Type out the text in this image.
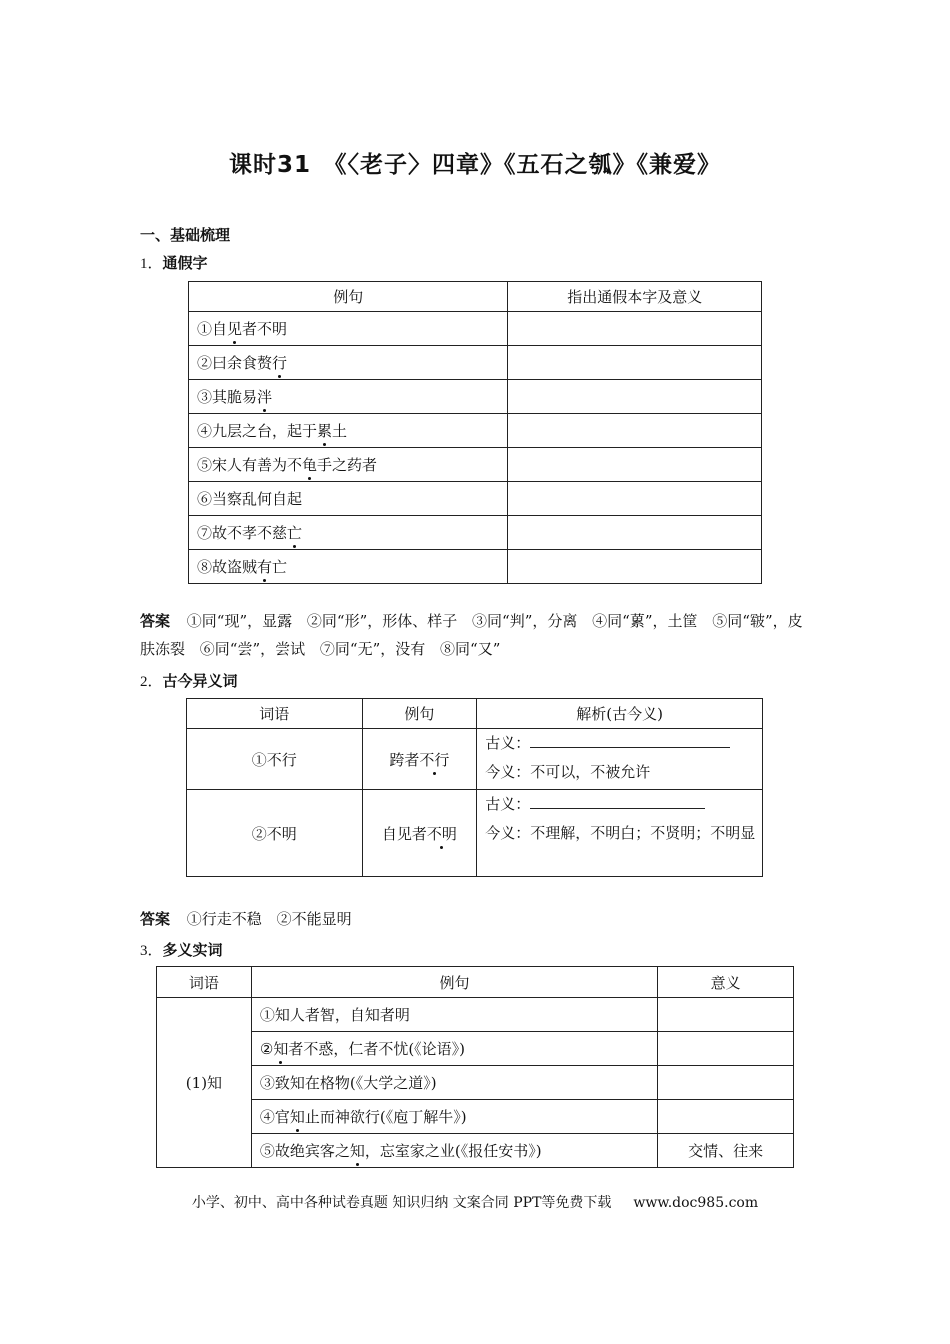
课时31　《〈老子〉四章》《五石之瓠》《兼爱》
一、基础梳理
1．通假字
例句	指出通假本字及意义
①自见者不明	
②曰余食赘行	
③其脆易泮	
④九层之台，起于累土	
⑤宋人有善为不龟手之药者	
⑥当察乱何自起	
⑦故不孝不慈亡	
⑧故盗贼有亡	
答案 ①同“现”，显露 ②同“形”，形体、样子 ③同“判”，分离 ④同“蔂”，土筐 ⑤同“皲”，皮肤冻裂 ⑥同“尝”，尝试 ⑦同“无”，没有 ⑧同“又”
2．古今异义词
词语	例句	解析(古今义)
①不行	跨者不行	古义：
今义：不可以，不被允许

②不明	自见者不明	古义：
今义：不理解，不明白；不贤明；不明显
答案 ①行走不稳 ②不能显明
3．多义实词
词语	例句	意义
(1)知	①知人者智，自知者明	
	②知者不惑，仁者不忧(《论语》)	
	③致知在格物(《大学之道》)	
	④官知止而神欲行(《庖丁解牛》)	
	⑤故绝宾客之知，忘室家之业(《报任安书》)	交情、往来
小学、初中、高中各种试卷真题 知识归纳 文案合同 PPT等免费下载 www.doc985.com
